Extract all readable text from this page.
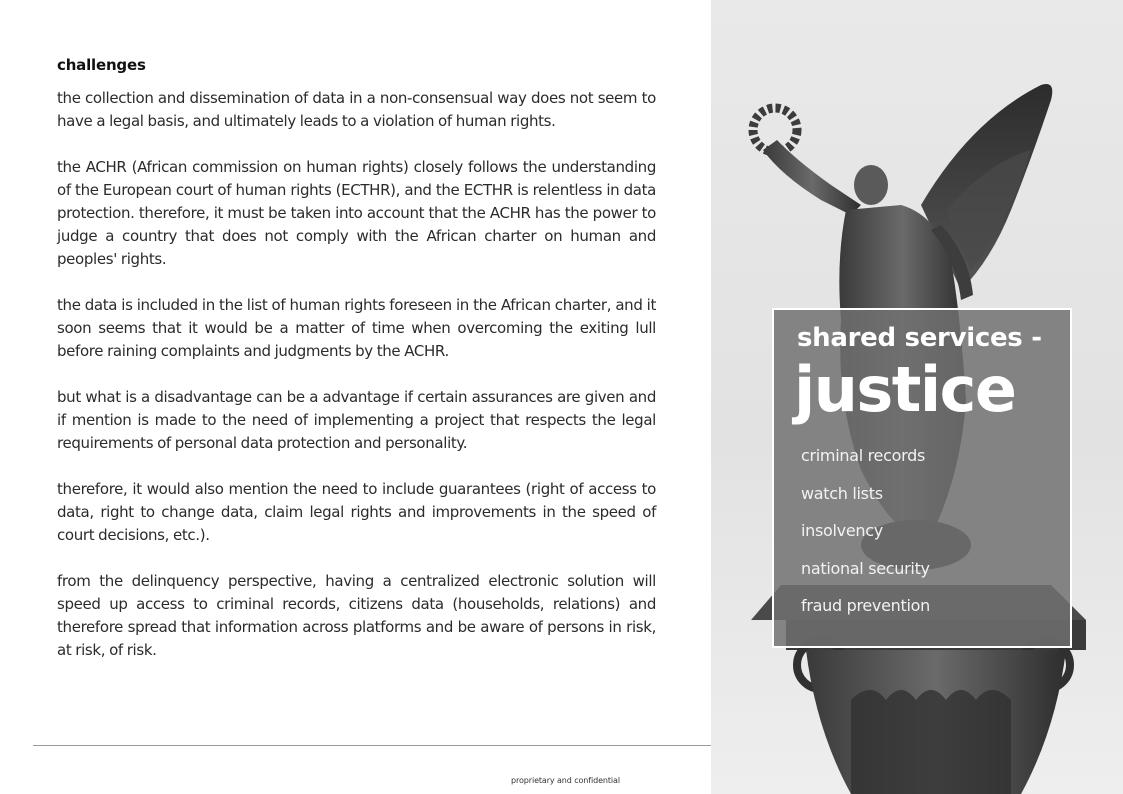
challenges

the collection and dissemination of data in a non-consensual way does not seem to have a legal basis, and ultimately leads to a violation of human rights.

the ACHR (African commission on human rights) closely follows the understanding of the European court of human rights (ECTHR), and the ECTHR is relentless in data protection. therefore, it must be taken into account that the ACHR has the power to judge a country that does not comply with the African charter on human and peoples' rights.

the data is included in the list of human rights foreseen in the African charter, and it soon seems that it would be a matter of time when overcoming the exiting lull before raining complaints and judgments by the ACHR.

but what is a disadvantage can be a advantage if certain assurances are given and if mention is made to the need of implementing a project that respects the legal requirements of personal data protection and personality.

therefore, it would also mention the need to include guarantees (right of access to data, right to change data, claim legal rights and improvements in the speed of court decisions, etc.).

from the delinquency perspective, having a centralized electronic solution will speed up access to criminal records, citizens data (households, relations) and therefore spread that information across platforms and be aware of persons in risk, at risk, of risk.

proprietary and confidential
shared services -
justice
criminal records
watch lists
insolvency
national security
fraud prevention
